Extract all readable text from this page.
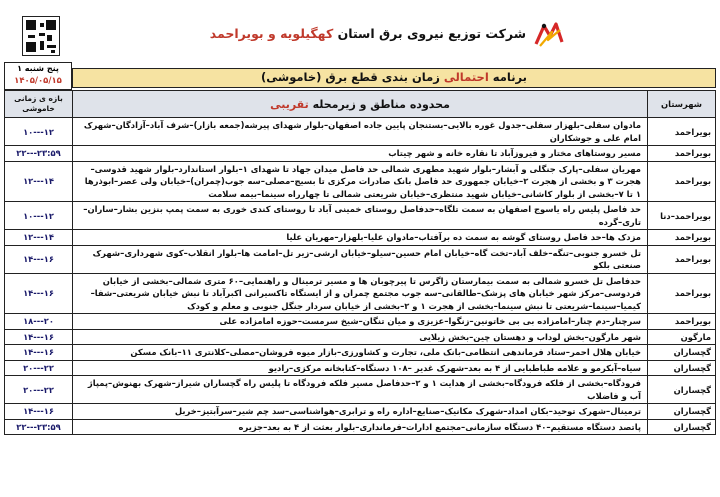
شرکت توزیع نیروی برق استان کهگیلویه و بویراحمد
پنج شنبه ۱
۱۴۰۵/۰۵/۱۵	برنامه احتمالی زمان بندی قطع برق (خاموشی)
شهرستان	محدوده مناطق و زیرمحله تقریبی	بازه ی زمانی خاموشی
بویراحمد	مادوان سفلی–بلهزار سفلی–جدول غوره بالایی–بستنجان پایین جاده اصفهان–بلوار شهدای پیرشه(جمعه بازار)–شرف آباد–آزادگان–شهرک امام علی و جوشکاران	۱۰---۱۲
بویراحمد	مسیر روستاهای مختار و فیروزآباد تا نقاره خانه و شهر چیتاب	۲۲---۲۳:۵۹
بویراحمد	مهریان سفلی–پارک جنگلی و آبشار–بلوار شهید مطهری شمالی حد فاصل میدان جهاد تا شهدای ۱–بلوار استاندارد–بلوار شهید قدوسی–هجرت ۳ و بخشی از هجرت ۲–خیابان جمهوری حد فاصل بانک صادرات مرکزی تا بسیج–مصلی–سه جوب(چمران)–خیابان ولی عصر–ابوذرها ۱ تا ۷–بخشی از بلوار کاشانی–خیابان شهید منتظری–خیابان شریعتی شمالی تا چهارراه سینما–بیمه سلامت	۱۲---۱۴
بویراحمد–دنا	حد فاصل پلیس راه یاسوج اصفهان به سمت تلگاه–حدفاصل روستای خمینی آباد تا روستای کندی خوری به سمت پمپ بنزین بشار–ساران–تاری–گرده	۱۰---۱۲
بویراحمد	مزدک ها–حد فاصل روستای گوشه به سمت ده برآفتاب–مادوان علیا–بلهزار–مهریان علیا	۱۲---۱۴
بویراحمد	تل خسرو جنوبی–تنگه–خلف آباد–تخت گاه–خیابان امام حسین–سیلو–خیابان ارشی–زیر تل–امامت ها–بلوار انقلاب–کوی شهرداری–شهرک صنعتی بلکو	۱۴---۱۶
بویراحمد	حدفاصل تل خسرو شمالی به سمت بیمارستان زاگرس تا پیرچوبان ها و مسیر ترمینال و راهنمایی–۶۰ متری شمالی–بخشی از خیابان فردوسی–مرکز شهر خیابان های پزشک–طالقانی–سه جوب مجتمع چمران و از ایستگاه تاکسیرانی اکبرآباد تا نبش خیابان شریعتی–شفا–کیمیا–سینما–شریعتی تا نبش سینما–بخشی از هجرت ۱ و ۲–بخشی از خیابان سردار جنگل جنوبی و معلم و کودک	۱۴---۱۶
بویراحمد	سرچنار–دم چنار–امامزاده بی بی خاتونین–زنگوا–عزیزی و میان تنگان–شیخ سرمست–حوزه امامزاده علی	۱۸---۲۰
مارگون	شهر مارگون–بخش لوداب و دهستان چین–بخش زیلایی	۱۴---۱۶
گچساران	خیابان هلال احمر–ستاد فرماندهی انتظامی–بانک ملی، تجارت و کشاورزی–بازار میوه فروشان–مصلی–کلانتری ۱۱–بانک مسکن	۱۴---۱۶
گچساران	سیاه–آبکرمو و علامه طباطبایی از ۴ به بعد–شهرک غدیر –۱۰۸ دستگاه–کتابخانه مرکزی–رادیو	۲۰---۲۲
گچساران	فرودگاه–بخشی از فلکه فرودگاه–بخشی از هدایت ۱ و ۲–حدفاصل مسیر فلکه فرودگاه تا پلیس راه گچساران شیراز–شهرک بهنوش–پمپاژ آب و فاضلاب	۲۰---۲۲
گچساران	ترمینال–شهرک توحید–بکان امداد–شهرک مکانیک–صنایع–اداره راه و ترابری–هواشناسی–سد چم شیر–سرآبتیز–خربل	۱۴---۱۶
گچساران	پاتصد دستگاه مستقیم–۴۰ دستگاه سازمانی–مجتمع ادارات–فرمانداری–بلوار بعثت از ۴ به بعد–جزیره	۲۲---۲۳:۵۹
